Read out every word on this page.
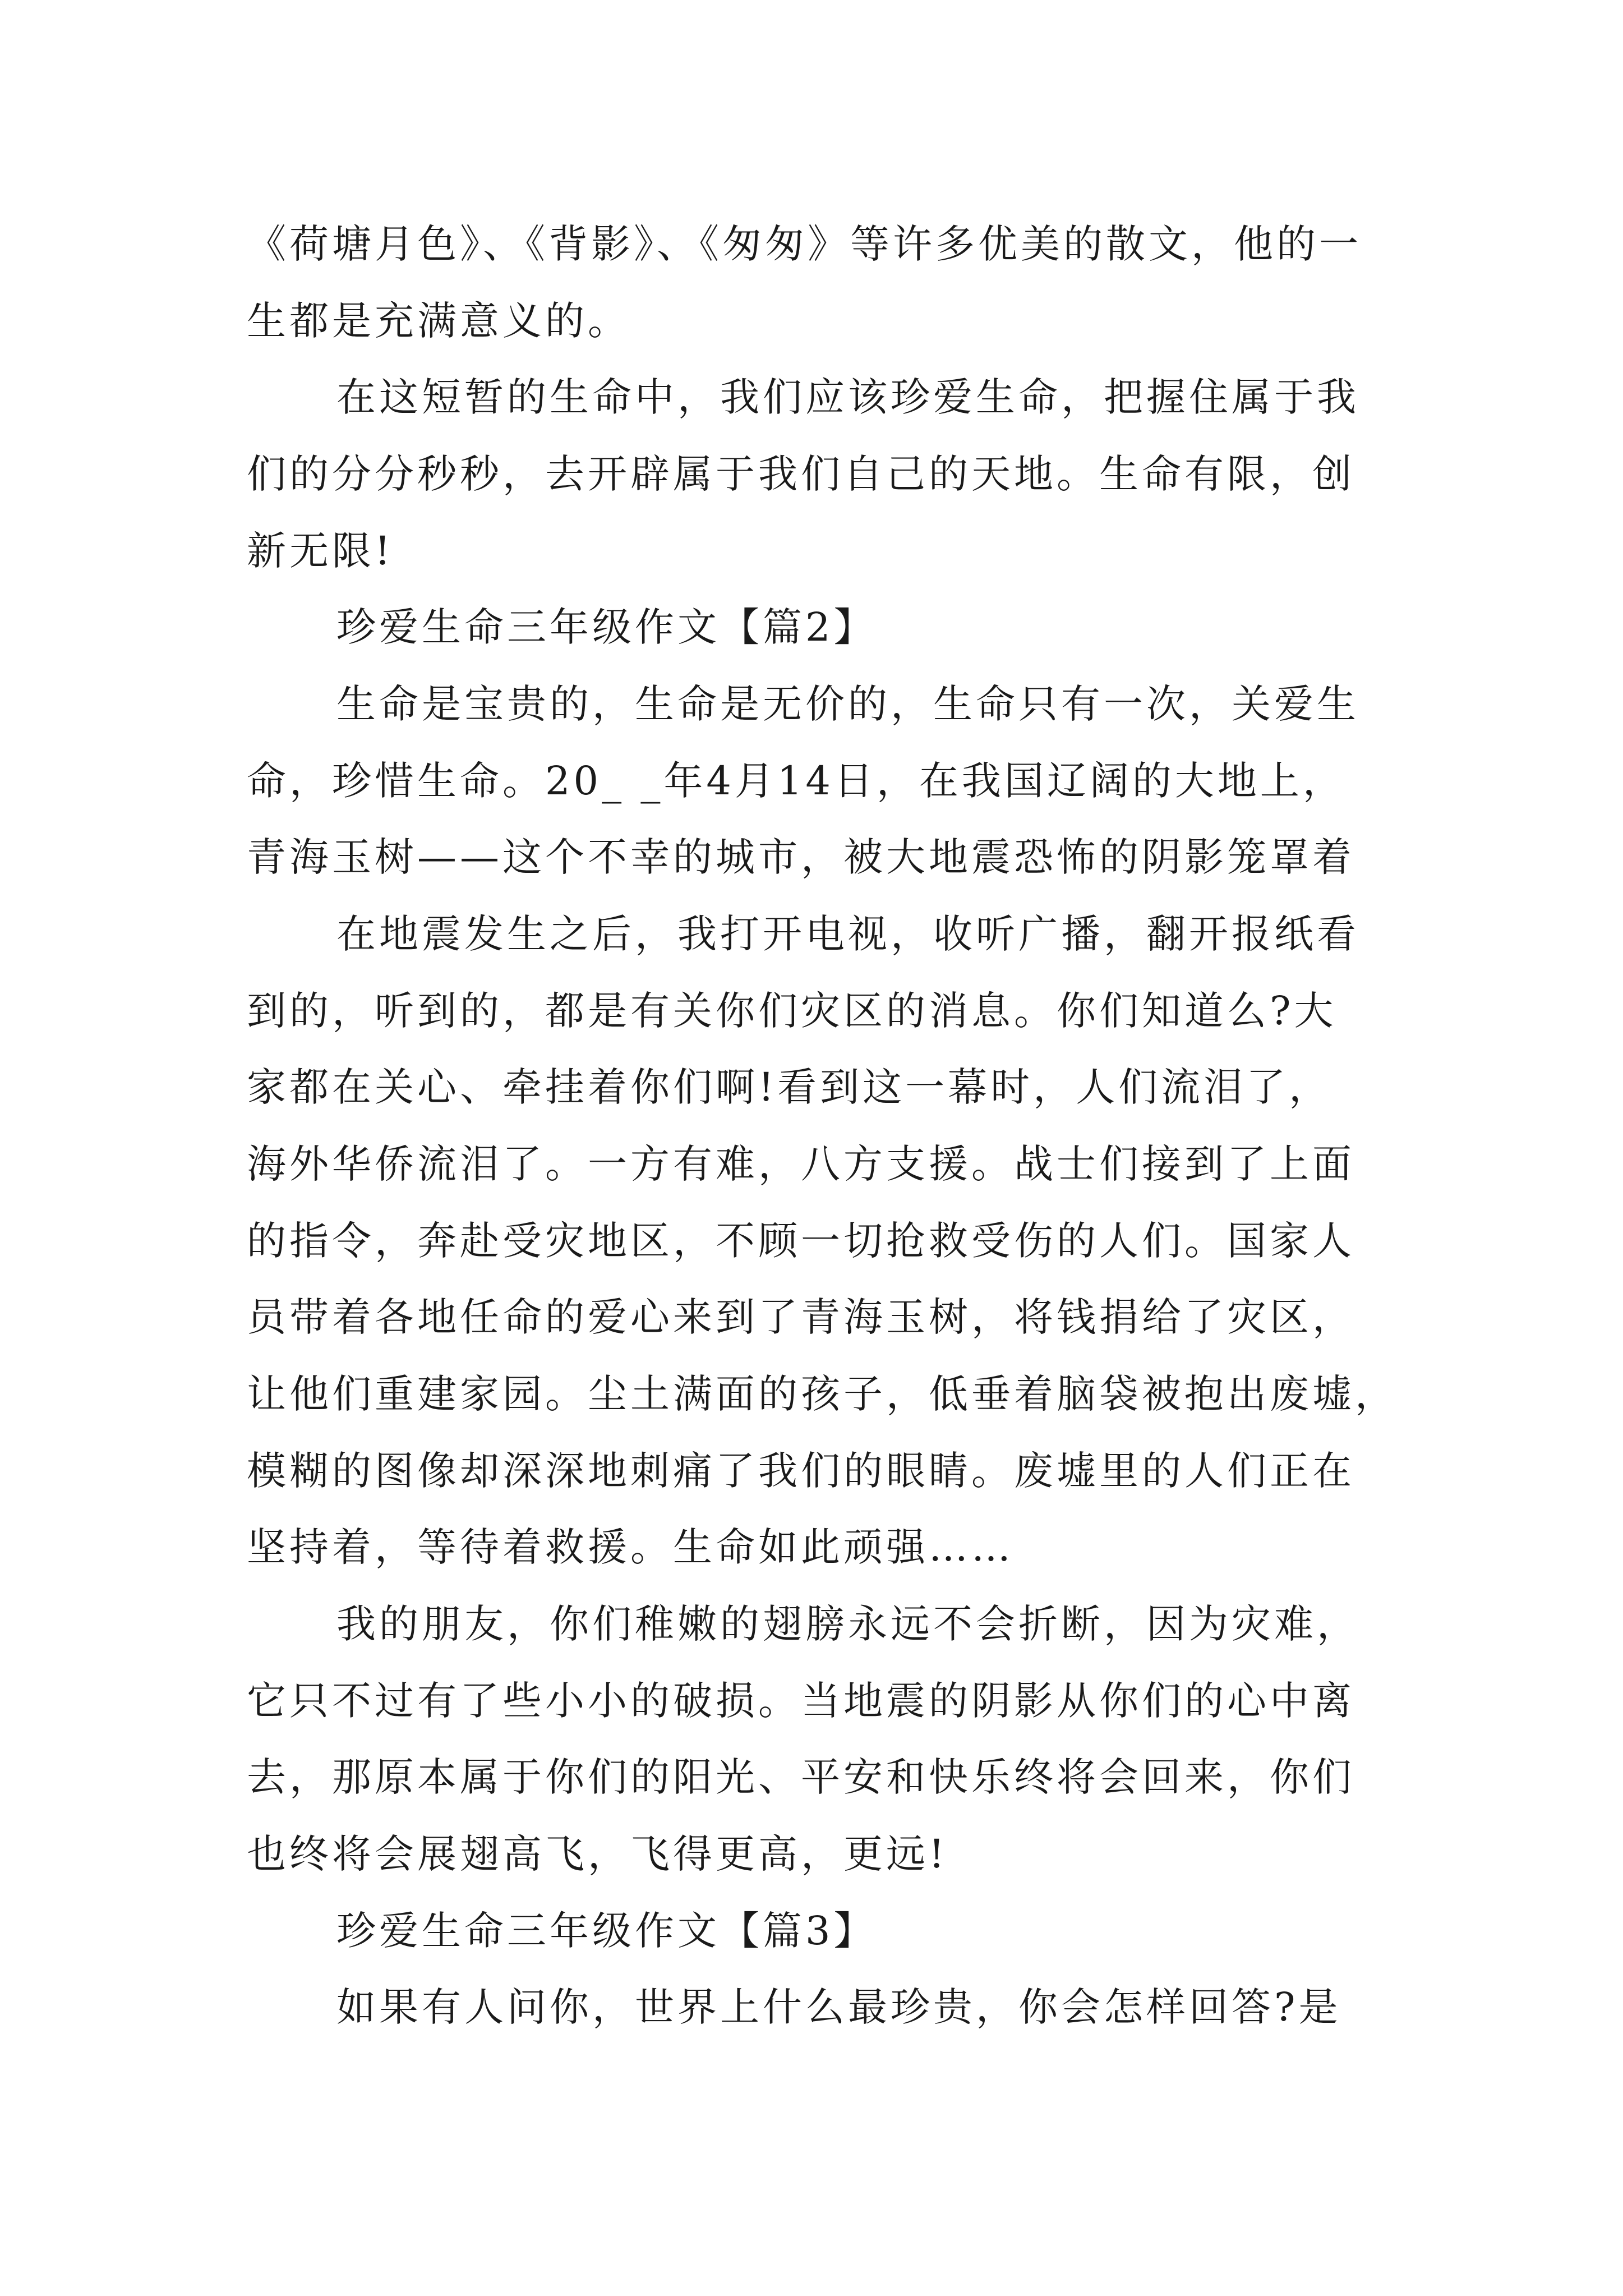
《荷塘月色》、《背影》、《匆匆》等许多优美的散文，他的一
生都是充满意义的。
在这短暂的生命中，我们应该珍爱生命，把握住属于我
们的分分秒秒，去开辟属于我们自己的天地。生命有限，创
新无限!
珍爱生命三年级作文【篇2】
生命是宝贵的，生命是无价的，生命只有一次，关爱生
命，珍惜生命。20_ _年4月14日，在我国辽阔的大地上，
青海玉树——这个不幸的城市，被大地震恐怖的阴影笼罩着
在地震发生之后，我打开电视，收听广播，翻开报纸看
到的，听到的，都是有关你们灾区的消息。你们知道么?大
家都在关心、牵挂着你们啊!看到这一幕时，人们流泪了，
海外华侨流泪了。一方有难，八方支援。战士们接到了上面
的指令，奔赴受灾地区，不顾一切抢救受伤的人们。国家人
员带着各地任命的爱心来到了青海玉树，将钱捐给了灾区，
让他们重建家园。尘土满面的孩子，低垂着脑袋被抱出废墟，
模糊的图像却深深地刺痛了我们的眼睛。废墟里的人们正在
坚持着，等待着救援。生命如此顽强……
我的朋友，你们稚嫩的翅膀永远不会折断，因为灾难，
它只不过有了些小小的破损。当地震的阴影从你们的心中离
去，那原本属于你们的阳光、平安和快乐终将会回来，你们
也终将会展翅高飞，飞得更高，更远!
珍爱生命三年级作文【篇3】
如果有人问你，世界上什么最珍贵，你会怎样回答?是
